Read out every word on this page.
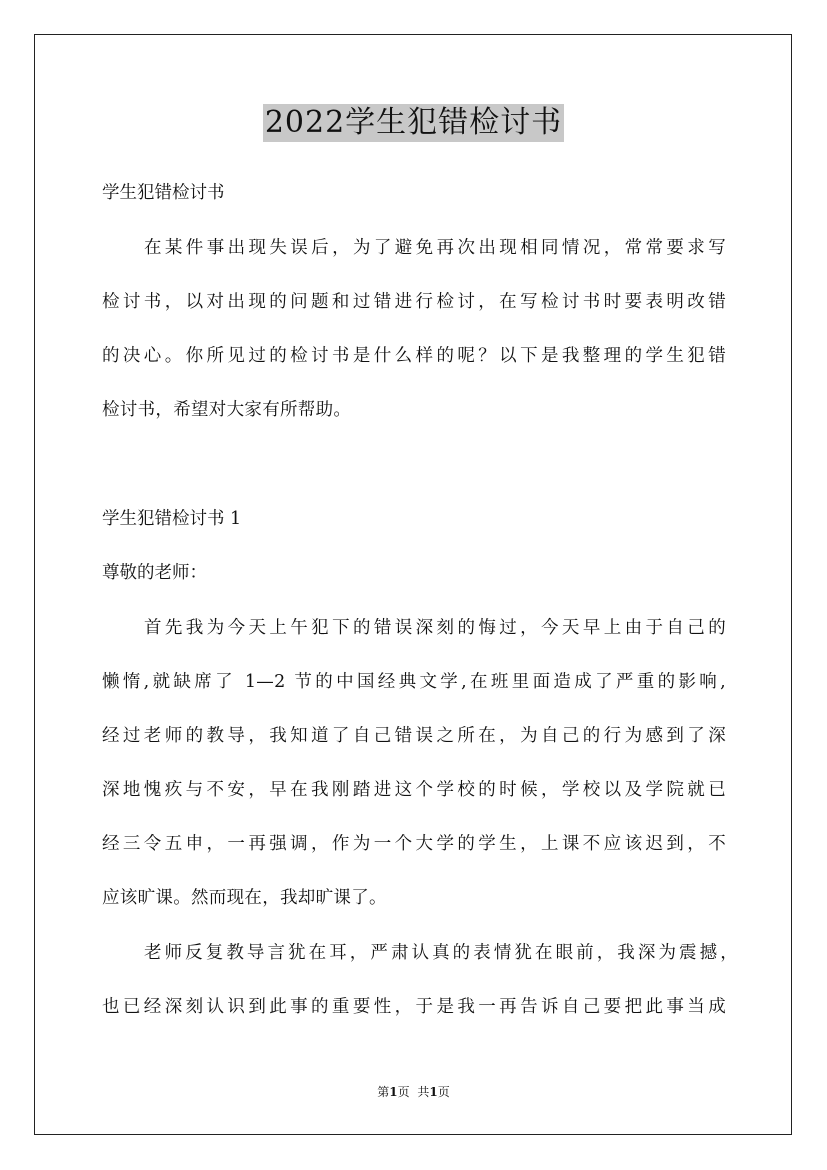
2022学生犯错检讨书
学生犯错检讨书
在某件事出现失误后，为了避免再次出现相同情况，常常要求写
检讨书，以对出现的问题和过错进行检讨，在写检讨书时要表明改错
的决心。你所见过的检讨书是什么样的呢？以下是我整理的学生犯错
检讨书，希望对大家有所帮助。
学生犯错检讨书 1
尊敬的老师：
首先我为今天上午犯下的错误深刻的悔过，今天早上由于自己的
懒惰,就缺席了 1—2 节的中国经典文学,在班里面造成了严重的影响,
经过老师的教导，我知道了自己错误之所在，为自己的行为感到了深
深地愧疚与不安，早在我刚踏进这个学校的时候，学校以及学院就已
经三令五申，一再强调，作为一个大学的学生，上课不应该迟到，不
应该旷课。然而现在，我却旷课了。
老师反复教导言犹在耳，严肃认真的表情犹在眼前，我深为震撼，
也已经深刻认识到此事的重要性，于是我一再告诉自己要把此事当成
第1页 共1页
